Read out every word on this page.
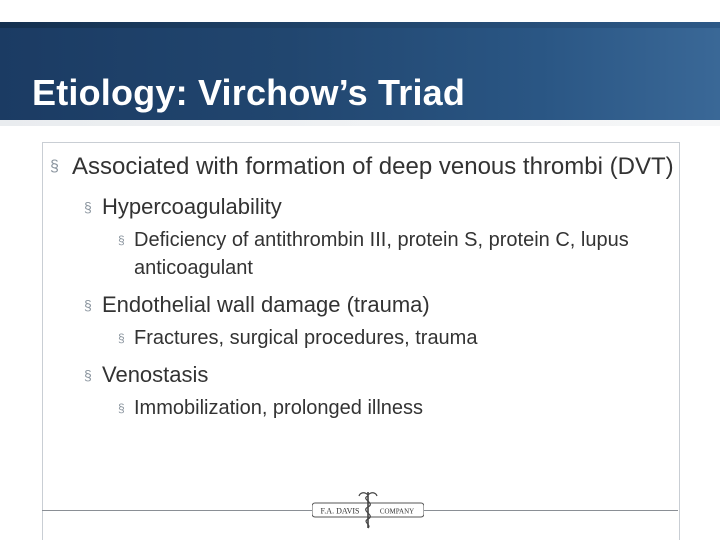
Etiology: Virchow’s Triad
§ Associated with formation of deep venous thrombi (DVT)
§ Hypercoagulability
§ Deficiency of antithrombin III, protein S, protein C, lupus anticoagulant
§ Endothelial wall damage (trauma)
§ Fractures, surgical procedures, trauma
§ Venostasis
§ Immobilization, prolonged illness
F.A. DAVIS	COMPANY
